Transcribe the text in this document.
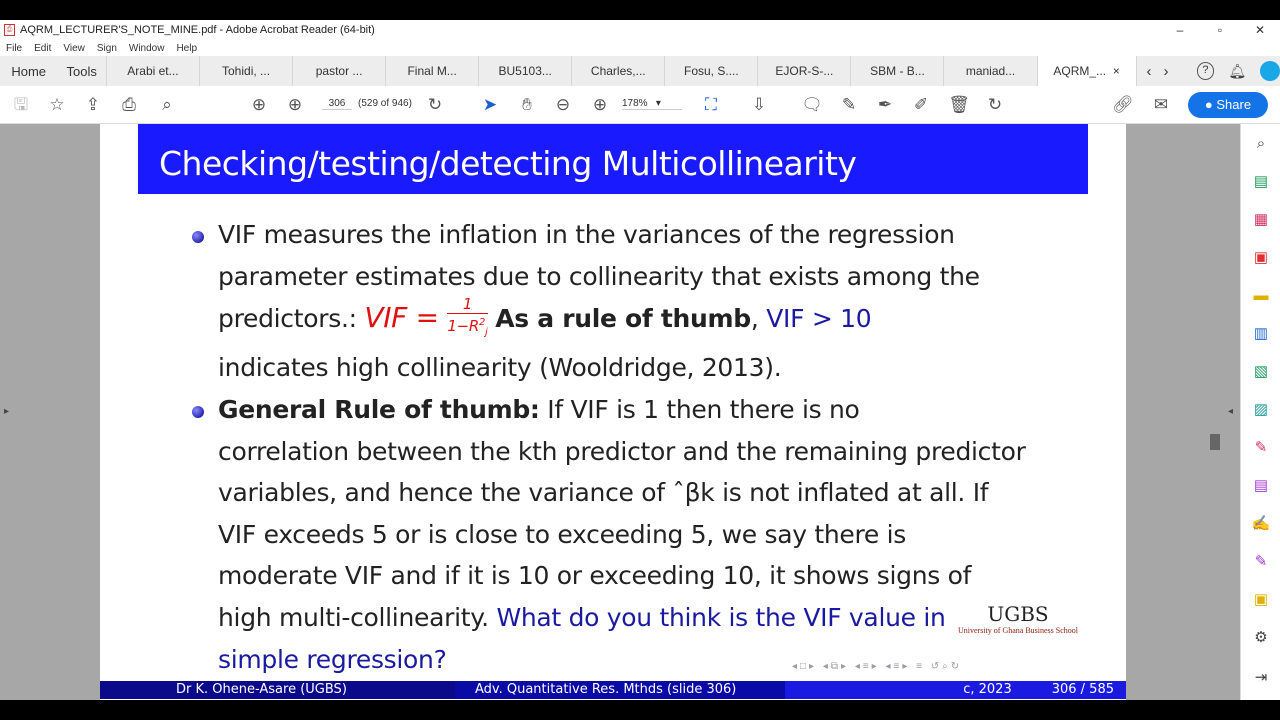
⎙ AQRM_LECTURER'S_NOTE_MINE.pdf - Adobe Acrobat Reader (64-bit)	–	▫	✕
File Edit View Sign Window Help
Home	Tools	Arabi et...	Tohidi, ...	pastor ...	Final M...	BU5103...	Charles,...	Fosu, S....	EJOR-S-...	SBM - B...	maniad...	AQRM_...
× ‹ ›	?	🔔︎
🖫 ☆ ⇪ ⎙	⌕	⊕ ⊕	306	(529 of 946) ↻ ➤	✋︎	⊖ ⊕	178%   ▾	⛶ ⇩ 🗨︎ ✎ ✒ ✐ 🗑︎ ↻	🔗︎ ✉	● Share
▸	◂
⌕
▤
▦
▣
▬
▥
▧
▨
✎
▤
✍
✎
▣
⚙
⇥
Checking/testing/detecting Multicollinearity
VIF measures the inflation in the variances of the regression
parameter estimates due to collinearity that exists among the
predictors.: VIF = $\frac{1}{1-R^2_j}$ As a rule of thumb, VIF > 10
indicates high collinearity (Wooldridge, 2013).
General Rule of thumb: If VIF is 1 then there is no
correlation between the kth predictor and the remaining predictor
variables, and hence the variance of ˆβk is not inflated at all. If
VIF exceeds 5 or is close to exceeding 5, we say there is
moderate VIF and if it is 10 or exceeding 10, it shows signs of
high multi-collinearity. What do you think is the VIF value in
simple regression?
UGBS
University of Ghana Business School
◂□▸ ◂⧉▸ ◂≡▸ ◂≡▸ ≡ ↺⌕↻
Dr K. Ohene-Asare (UGBS)	Adv. Quantitative Res. Mthds (slide 306)	c, 2023	306 / 585
